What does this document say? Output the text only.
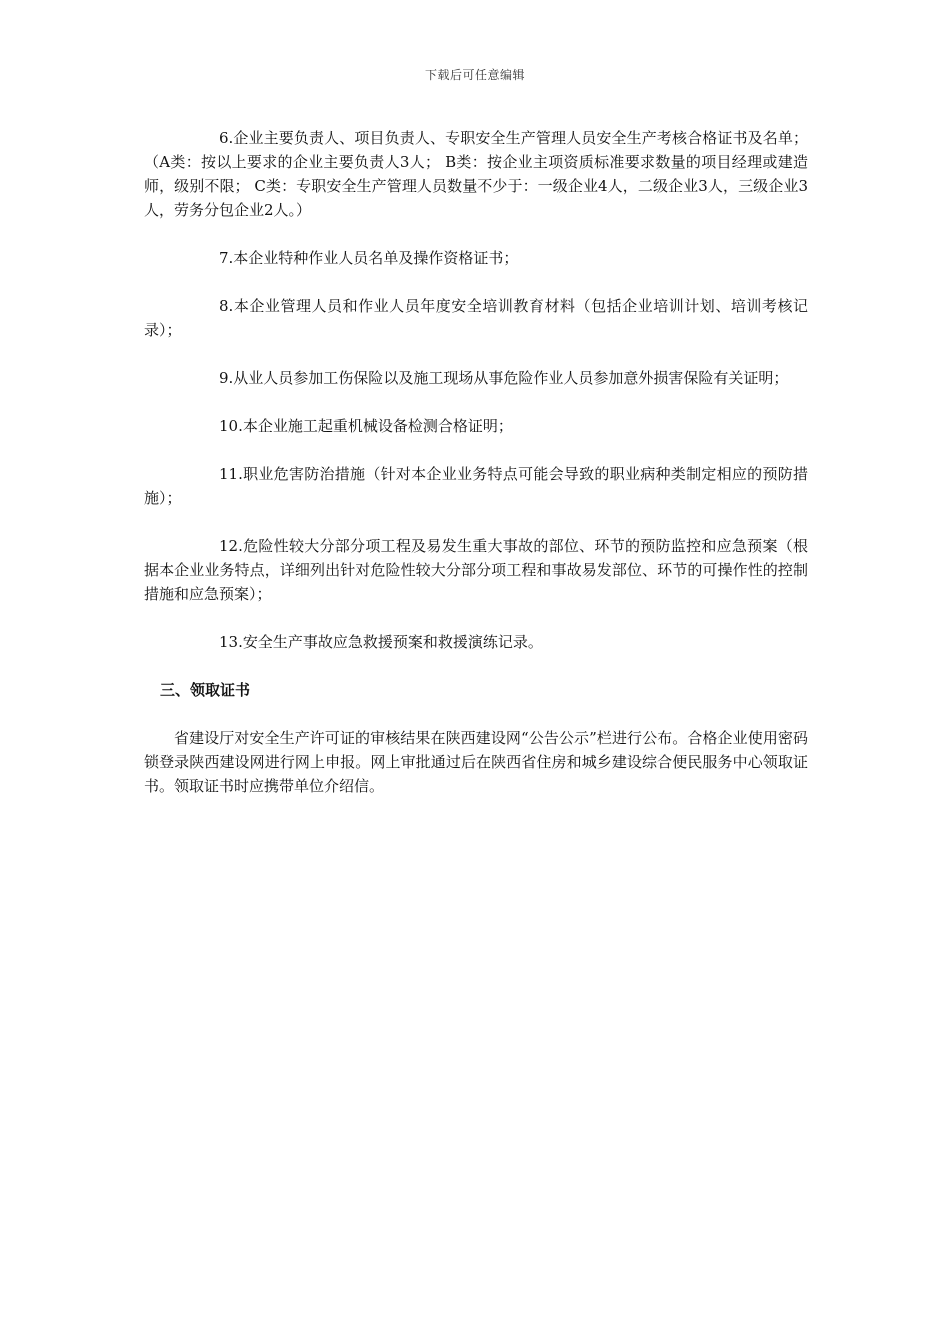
下载后可任意编辑

6.企业主要负责人、项目负责人、专职安全生产管理人员安全生产考核合格证书及名单；（A类：按以上要求的企业主要负责人3人； B类：按企业主项资质标准要求数量的项目经理或建造师，级别不限； C类：专职安全生产管理人员数量不少于：一级企业4人，二级企业3人，三级企业3人，劳务分包企业2人。）

7.本企业特种作业人员名单及操作资格证书；

8.本企业管理人员和作业人员年度安全培训教育材料（包括企业培训计划、培训考核记录）；

9.从业人员参加工伤保险以及施工现场从事危险作业人员参加意外损害保险有关证明；

10.本企业施工起重机械设备检测合格证明；

11.职业危害防治措施（针对本企业业务特点可能会导致的职业病种类制定相应的预防措施）；

12.危险性较大分部分项工程及易发生重大事故的部位、环节的预防监控和应急预案（根据本企业业务特点，详细列出针对危险性较大分部分项工程和事故易发部位、环节的可操作性的控制措施和应急预案）；

13.安全生产事故应急救援预案和救援演练记录。

三、领取证书

省建设厅对安全生产许可证的审核结果在陕西建设网“公告公示”栏进行公布。合格企业使用密码锁登录陕西建设网进行网上申报。网上审批通过后在陕西省住房和城乡建设综合便民服务中心领取证书。领取证书时应携带单位介绍信。
